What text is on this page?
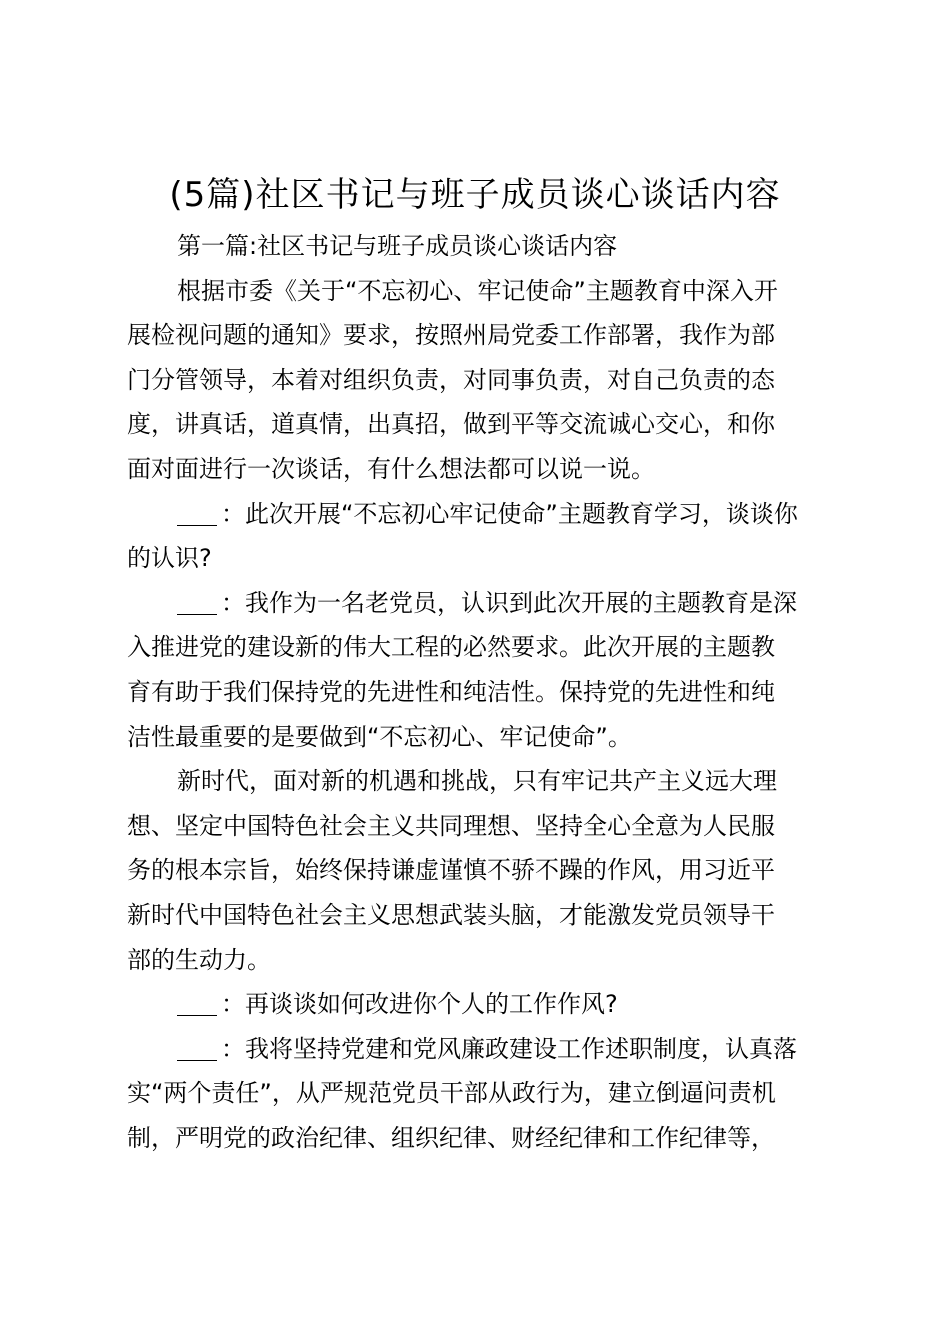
(5篇)社区书记与班子成员谈心谈话内容
第一篇:社区书记与班子成员谈心谈话内容
根据市委《关于“不忘初心、牢记使命”主题教育中深入开
展检视问题的通知》要求，按照州局党委工作部署，我作为部
门分管领导，本着对组织负责，对同事负责，对自己负责的态
度，讲真话，道真情，出真招，做到平等交流诚心交心，和你
面对面进行一次谈话，有什么想法都可以说一说。
：此次开展“不忘初心牢记使命”主题教育学习，谈谈你
的认识?
：我作为一名老党员，认识到此次开展的主题教育是深
入推进党的建设新的伟大工程的必然要求。此次开展的主题教
育有助于我们保持党的先进性和纯洁性。保持党的先进性和纯
洁性最重要的是要做到“不忘初心、牢记使命”。
新时代，面对新的机遇和挑战，只有牢记共产主义远大理
想、坚定中国特色社会主义共同理想、坚持全心全意为人民服
务的根本宗旨，始终保持谦虚谨慎不骄不躁的作风，用习近平
新时代中国特色社会主义思想武装头脑，才能激发党员领导干
部的生动力。
：再谈谈如何改进你个人的工作作风?
：我将坚持党建和党风廉政建设工作述职制度，认真落
实“两个责任”，从严规范党员干部从政行为，建立倒逼问责机
制，严明党的政治纪律、组织纪律、财经纪律和工作纪律等，
